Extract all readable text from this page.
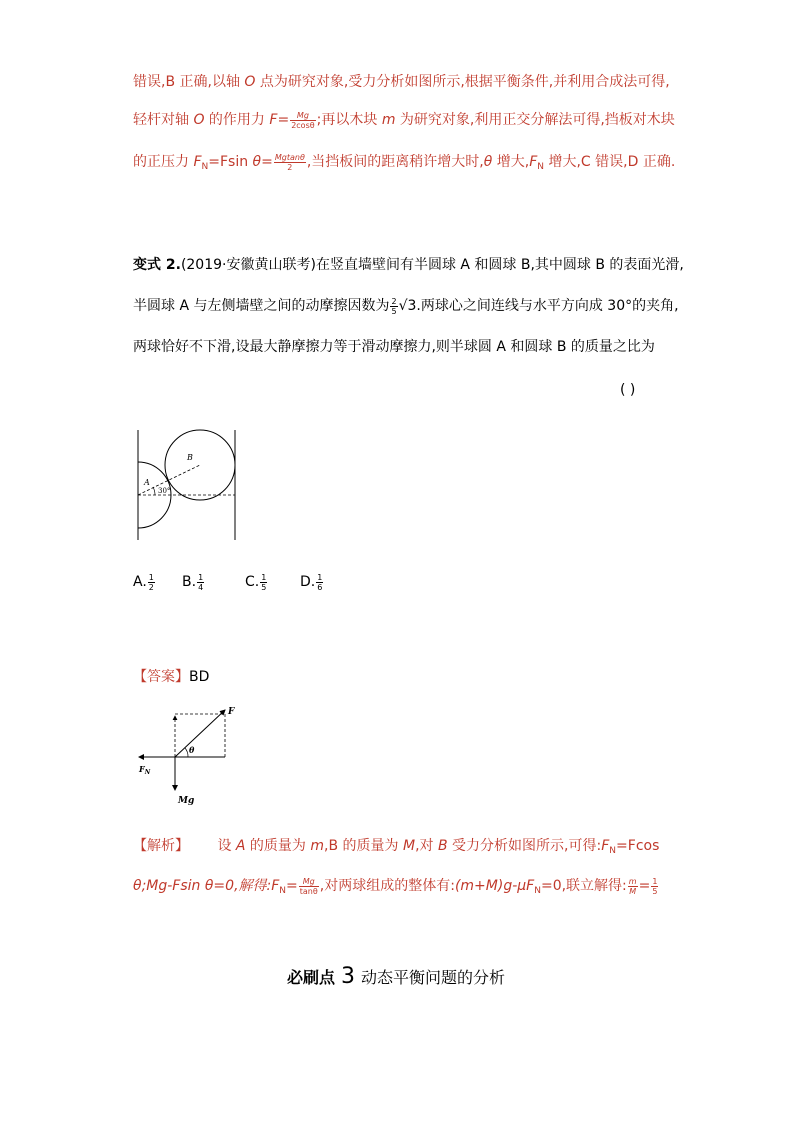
错误,B 正确,以轴 O 点为研究对象,受力分析如图所示,根据平衡条件,并利用合成法可得,
轻杆对轴 O 的作用力 $F= \frac{Mg}{2\cos\theta}$ ;再以木块 m 为研究对象,利用正交分解法可得,挡板对木块
的正压力 $F_N=Fsin$ $\theta= \frac{Mgtan\theta}{2}$ ,当挡板间的距离稍许增大时,θ 增大$,F_N$ 增大,C 错误,D 正确.
变式 2.(2019·安徽黄山联考)在竖直墙壁间有半圆球 A 和圆球 B,其中圆球 B 的表面光滑,
半圆球 A 与左侧墙壁之间的动摩擦因数为 $\frac{2}{5} √3$.两球心之间连线与水平方向成 30°的夹角,
两球恰好不下滑,设最大静摩擦力等于滑动摩擦力,则半球圆 A 和圆球 B 的质量之比为
( )
A
B
30°
A. $\frac{1}{2} B$. $\frac{1}{4}$	C. $\frac{1}{5} D$. $\frac{1}{6}$
【答案】BD
F
θ
$F_N$
Mg
【解析】 设 A 的质量为 m,B 的质量为 M,对 B 受力分析如图所示,可得$:F_N=Fcos$
θ;Mg-Fsin θ=0,解得$:F_N= \frac{Mg}{\tan\theta}$ ,对两球组成的整体有$:(m+M)g-\mu F_N=0$,联立解得: $\frac{m}{M} = \frac{1}{5}$
必刷点 3 动态平衡问题的分析
